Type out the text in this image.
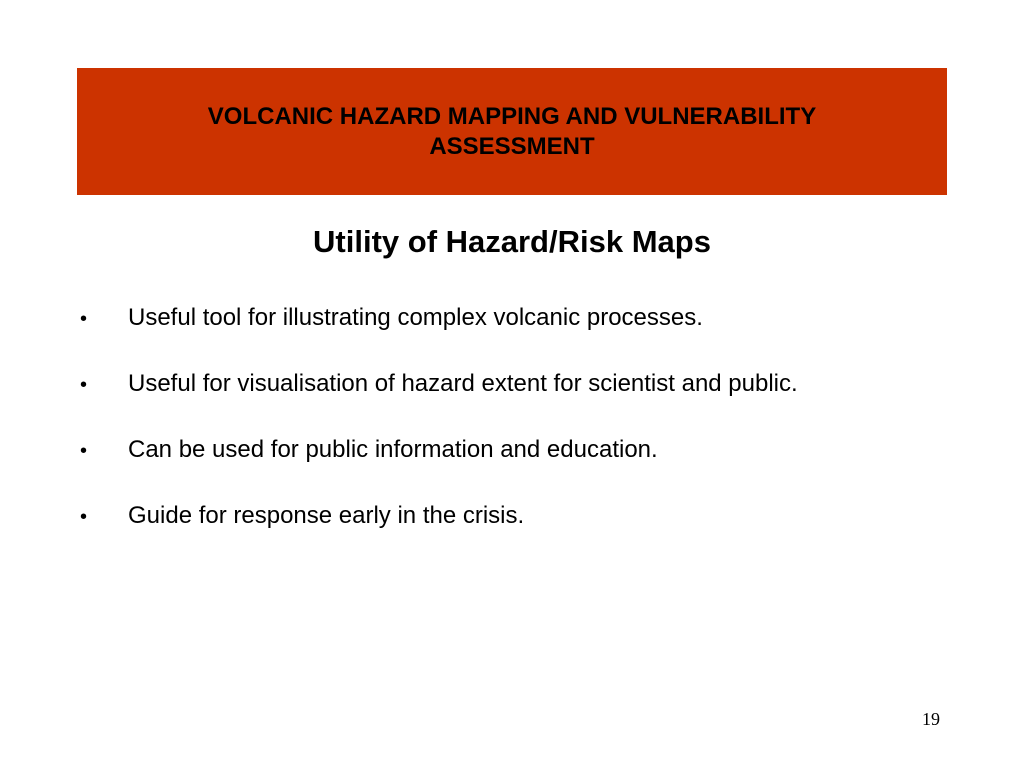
VOLCANIC HAZARD MAPPING AND VULNERABILITY ASSESSMENT
Utility of Hazard/Risk Maps
•	Useful tool for illustrating complex volcanic processes.
•	Useful for visualisation of hazard extent for scientist and public.
•	Can be used for public information and education.
•	Guide for response early in the crisis.
19
